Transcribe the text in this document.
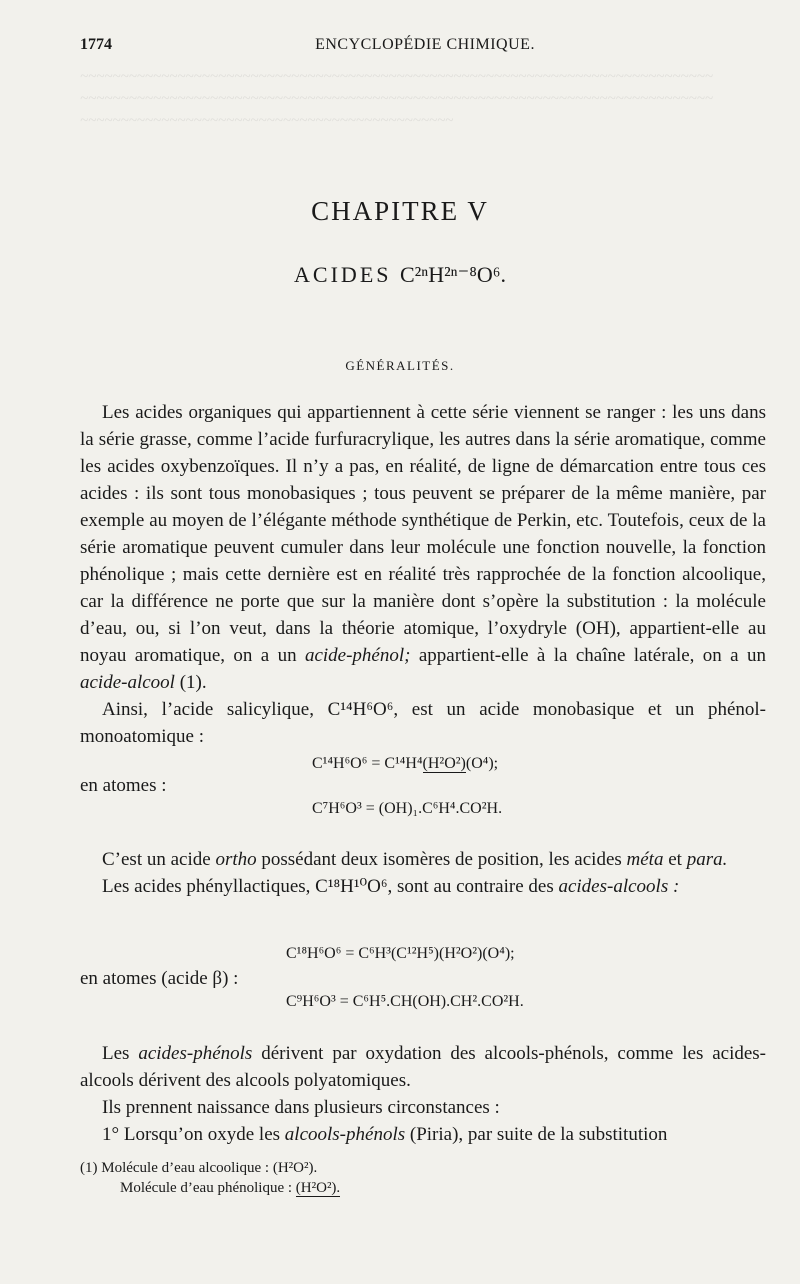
~~~~~~~~~~~~~~~~~~~~~~~~~~~~~~~~~~~~~~~~~~~~~~~~~~~~~~~~~~~~~~~~~~~~~~~~~~~~~~
~~~~~~~~~~~~~~~~~~~~~~~~~~~~~~~~~~~~~~~~~~~~~~~~~~~~~~~~~~~~~~~~~~~~~~~~~~~~~~
~~~~~~~~~~~~~~~~~~~~~~~~~~~~~~~~~~~~~~~~~~~~~~
1774	ENCYCLOPÉDIE CHIMIQUE.
CHAPITRE V
ACIDES C²ⁿH²ⁿ⁻⁸O⁶.
GÉNÉRALITÉS.

Les acides organiques qui appartiennent à cette série viennent se ranger : les uns dans la série grasse, comme l’acide furfuracrylique, les autres dans la série aromatique, comme les acides oxybenzoïques. Il n’y a pas, en réalité, de ligne de démarcation entre tous ces acides : ils sont tous monobasiques ; tous peuvent se préparer de la même manière, par exemple au moyen de l’élégante méthode synthétique de Perkin, etc. Toutefois, ceux de la série aromatique peuvent cumuler dans leur molécule une fonction nouvelle, la fonction phénolique ; mais cette dernière est en réalité très rapprochée de la fonction alcoolique, car la différence ne porte que sur la manière dont s’opère la substitution : la molécule d’eau, ou, si l’on veut, dans la théorie atomique, l’oxydryle (OH), appartient-elle au noyau aromatique, on a un acide-phénol; appartient-elle à la chaîne latérale, on a un acide-alcool (1).

Ainsi, l’acide salicylique, C¹⁴H⁶O⁶, est un acide monobasique et un phénol-monoatomique :

C¹⁴H⁶O⁶ = C¹⁴H⁴(H²O²)(O⁴);
en atomes :
C⁷H⁶O³ = (OH)₁.C⁶H⁴.CO²H.

C’est un acide ortho possédant deux isomères de position, les acides méta et para.

Les acides phényllactiques, C¹⁸H¹⁰O⁶, sont au contraire des acides-alcools :

C¹⁸H⁶O⁶ = C⁶H³(C¹²H⁵)(H²O²)(O⁴);
en atomes (acide β) :
C⁹H⁶O³ = C⁶H⁵.CH(OH).CH².CO²H.

Les acides-phénols dérivent par oxydation des alcools-phénols, comme les acides-alcools dérivent des alcools polyatomiques.

Ils prennent naissance dans plusieurs circonstances :

1° Lorsqu’on oxyde les alcools-phénols (Piria), par suite de la substitution

(1) Molécule d’eau alcoolique : (H²O²).
Molécule d’eau phénolique : (H²O²).
